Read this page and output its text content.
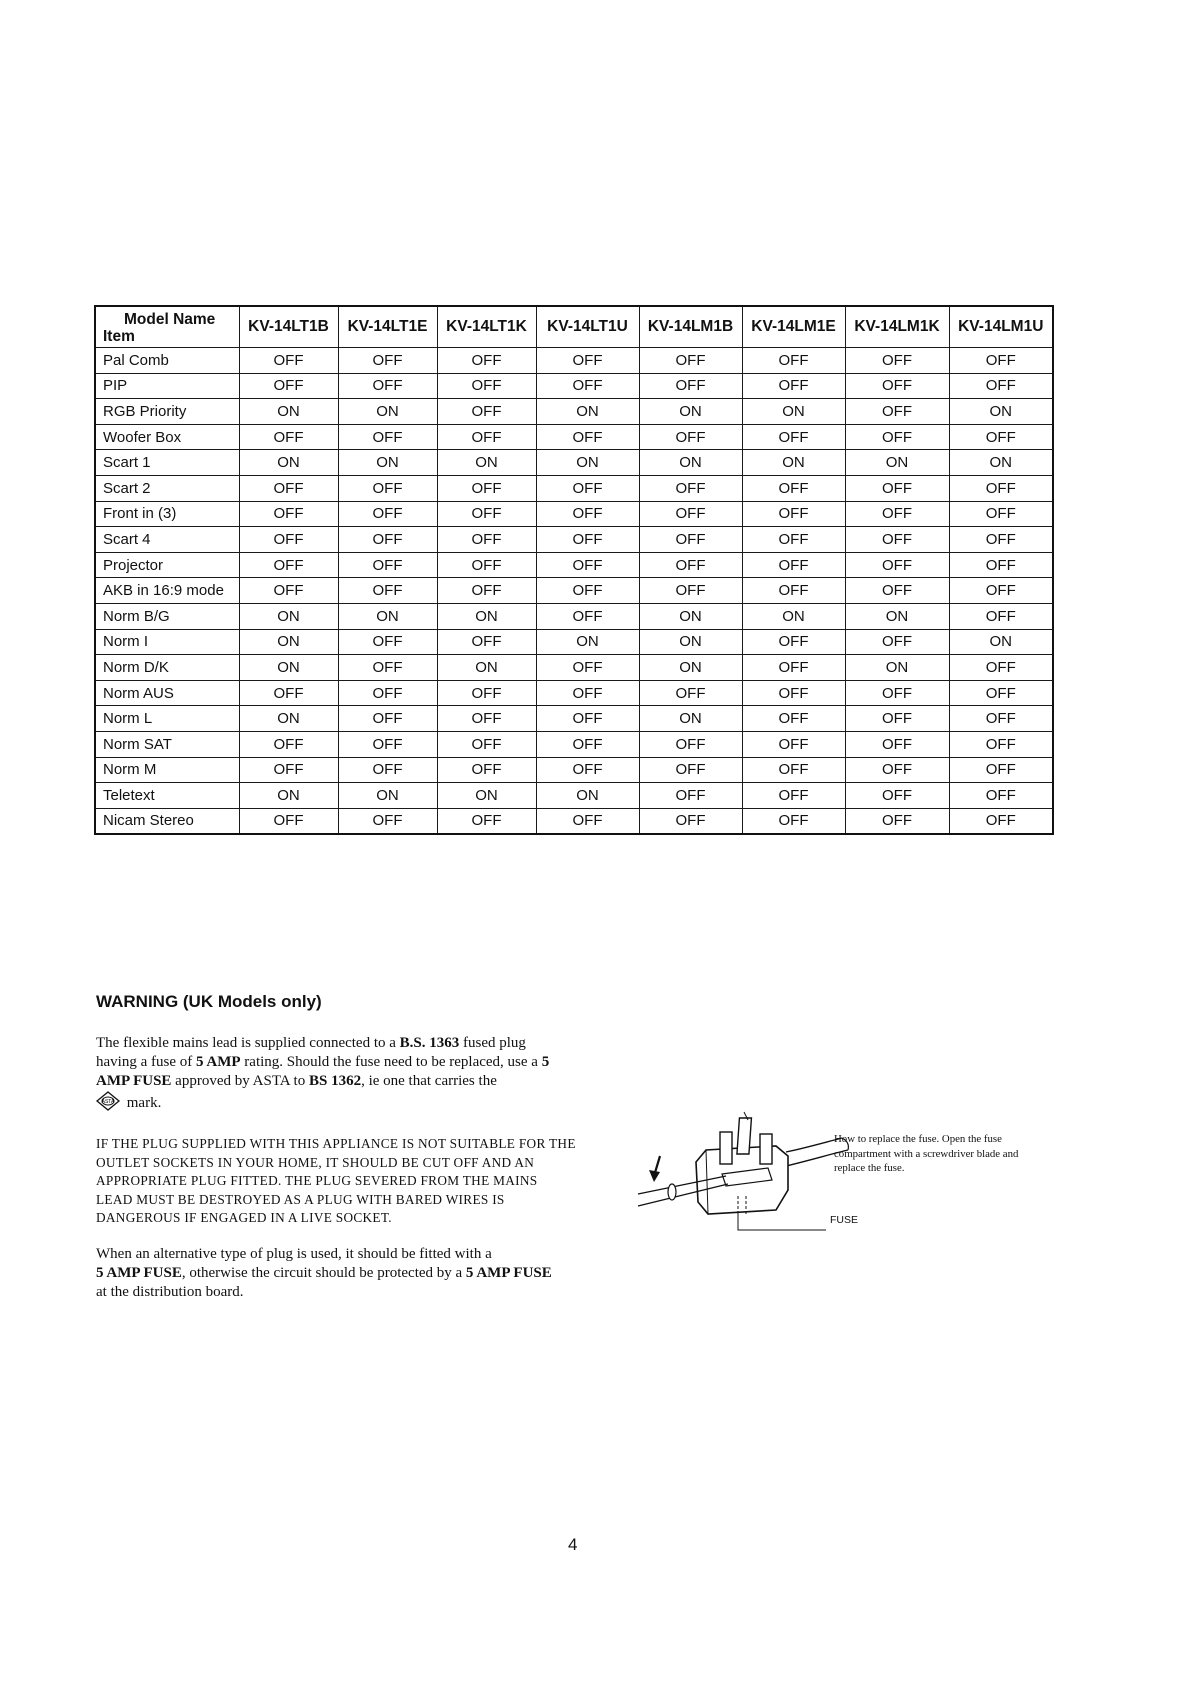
Model Name
Item	KV-14LT1B	KV-14LT1E	KV-14LT1K	KV-14LT1U	KV-14LM1B	KV-14LM1E	KV-14LM1K	KV-14LM1U
Pal Comb	OFF	OFF	OFF	OFF	OFF	OFF	OFF	OFF
PIP	OFF	OFF	OFF	OFF	OFF	OFF	OFF	OFF
RGB Priority	ON	ON	OFF	ON	ON	ON	OFF	ON
Woofer Box	OFF	OFF	OFF	OFF	OFF	OFF	OFF	OFF
Scart 1	ON	ON	ON	ON	ON	ON	ON	ON
Scart 2	OFF	OFF	OFF	OFF	OFF	OFF	OFF	OFF
Front in (3)	OFF	OFF	OFF	OFF	OFF	OFF	OFF	OFF
Scart 4	OFF	OFF	OFF	OFF	OFF	OFF	OFF	OFF
Projector	OFF	OFF	OFF	OFF	OFF	OFF	OFF	OFF
AKB in 16:9 mode	OFF	OFF	OFF	OFF	OFF	OFF	OFF	OFF
Norm B/G	ON	ON	ON	OFF	ON	ON	ON	OFF
Norm I	ON	OFF	OFF	ON	ON	OFF	OFF	ON
Norm D/K	ON	OFF	ON	OFF	ON	OFF	ON	OFF
Norm AUS	OFF	OFF	OFF	OFF	OFF	OFF	OFF	OFF
Norm L	ON	OFF	OFF	OFF	ON	OFF	OFF	OFF
Norm SAT	OFF	OFF	OFF	OFF	OFF	OFF	OFF	OFF
Norm M	OFF	OFF	OFF	OFF	OFF	OFF	OFF	OFF
Teletext	ON	ON	ON	ON	OFF	OFF	OFF	OFF
Nicam Stereo	OFF	OFF	OFF	OFF	OFF	OFF	OFF	OFF
WARNING (UK Models only)

The flexible mains lead is supplied connected to a B.S. 1363 fused plug having a fuse of 5 AMP rating. Should the fuse need to be replaced, use a 5 AMP FUSE approved by ASTA to BS 1362, ie one that carries the

ASTA mark.

IF THE PLUG SUPPLIED WITH THIS APPLIANCE IS NOT SUITABLE FOR THE OUTLET SOCKETS IN YOUR HOME, IT SHOULD BE CUT OFF AND AN APPROPRIATE PLUG FITTED. THE PLUG SEVERED FROM THE MAINS LEAD MUST BE DESTROYED AS A PLUG WITH BARED WIRES IS DANGEROUS IF ENGAGED IN A LIVE SOCKET.

When an alternative type of plug is used, it should be fitted with a
5 AMP FUSE, otherwise the circuit should be protected by a 5 AMP FUSE at the distribution board.

FUSE

How to replace the fuse. Open the fuse compartment with a screwdriver blade and replace the fuse.

4
